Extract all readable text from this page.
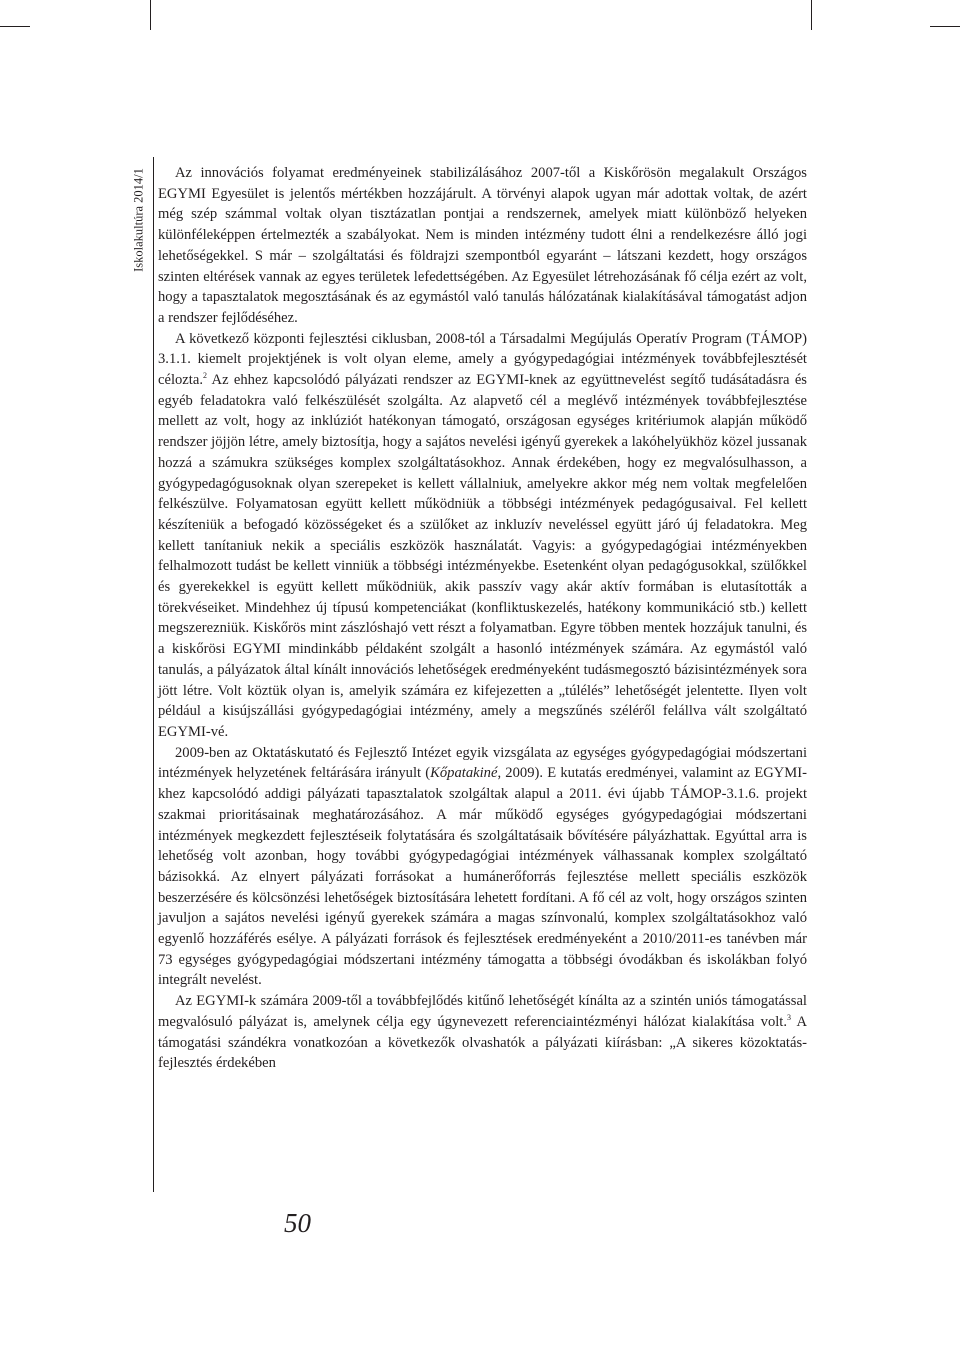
Iskolakultúra 2014/1	Az innovációs folyamat eredményeinek stabilizálásához 2007-től a Kiskőrösön megalakult Országos EGYMI Egyesület is jelentős mértékben hozzájárult. A törvényi alapok ugyan már adottak voltak, de azért még szép számmal voltak olyan tisztázatlan pontjai a rendszernek, amelyek miatt különböző helyeken különféleképpen értelmezték a szabályokat. Nem is minden intézmény tudott élni a rendelkezésre álló jogi lehetőségekkel. S már – szolgáltatási és földrajzi szempontból egyaránt – látszani kezdett, hogy országos szinten eltérések vannak az egyes területek lefedettségében. Az Egyesület létrehozásának fő célja ezért az volt, hogy a tapasztalatok megosztásának és az egymástól való tanulás hálózatának kialakításával támogatást adjon a rendszer fejlődéséhez.

A következő központi fejlesztési ciklusban, 2008-tól a Társadalmi Megújulás Operatív Program (TÁMOP) 3.1.1. kiemelt projektjének is volt olyan eleme, amely a gyógypedagógiai intézmények továbbfejlesztését célozta.$^2$ Az ehhez kapcsolódó pályázati rendszer az EGYMI-knek az együttnevelést segítő tudásátadásra és egyéb feladatokra való felkészülését szolgálta. Az alapvető cél a meglévő intézmények továbbfejlesztése mellett az volt, hogy az inklúziót hatékonyan támogató, országosan egységes kritériumok alapján működő rendszer jöjjön létre, amely biztosítja, hogy a sajátos nevelési igényű gyerekek a lakóhelyükhöz közel jussanak hozzá a számukra szükséges komplex szolgáltatásokhoz. Annak érdekében, hogy ez megvalósulhasson, a gyógypedagógusoknak olyan szerepeket is kellett vállalniuk, amelyekre akkor még nem voltak megfelelően felkészülve. Folyamatosan együtt kellett működniük a többségi intézmények pedagógusaival. Fel kellett készíteniük a befogadó közösségeket és a szülőket az inkluzív neveléssel együtt járó új feladatokra. Meg kellett tanítaniuk nekik a speciális eszközök használatát. Vagyis: a gyógypedagógiai intézményekben felhalmozott tudást be kellett vinniük a többségi intézményekbe. Esetenként olyan pedagógusokkal, szülőkkel és gyerekekkel is együtt kellett működniük, akik passzív vagy akár aktív formában is elutasították a törekvéseiket. Mindehhez új típusú kompetenciákat (konfliktuskezelés, hatékony kommunikáció stb.) kellett megszerezniük. Kiskőrös mint zászlóshajó vett részt a folyamatban. Egyre többen mentek hozzájuk tanulni, és a kiskőrösi EGYMI mindinkább példaként szolgált a hasonló intézmények számára. Az egymástól való tanulás, a pályázatok által kínált innovációs lehetőségek eredményeként tudásmegosztó bázisintézmények sora jött létre. Volt köztük olyan is, amelyik számára ez kifejezetten a „túlélés” lehetőségét jelentette. Ilyen volt például a kisújszállási gyógypedagógiai intézmény, amely a megszűnés széléről felállva vált szolgáltató EGYMI-vé.

2009-ben az Oktatáskutató és Fejlesztő Intézet egyik vizsgálata az egységes gyógypedagógiai módszertani intézmények helyzetének feltárására irányult (Kőpatakiné, 2009). E kutatás eredményei, valamint az EGYMI-khez kapcsolódó addigi pályázati tapasztalatok szolgáltak alapul a 2011. évi újabb TÁMOP-3.1.6. projekt szakmai prioritásainak meghatározásához. A már működő egységes gyógypedagógiai módszertani intézmények megkezdett fejlesztéseik folytatására és szolgáltatásaik bővítésére pályázhattak. Egyúttal arra is lehetőség volt azonban, hogy további gyógypedagógiai intézmények válhassanak komplex szolgáltató bázisokká. Az elnyert pályázati forrásokat a humánerőforrás fejlesztése mellett speciális eszközök beszerzésére és kölcsönzési lehetőségek biztosítására lehetett fordítani. A fő cél az volt, hogy országos szinten javuljon a sajátos nevelési igényű gyerekek számára a magas színvonalú, komplex szolgáltatásokhoz való egyenlő hozzáférés esélye. A pályázati források és fejlesztések eredményeként a 2010/2011-es tanévben már 73 egységes gyógypedagógiai módszertani intézmény támogatta a többségi óvodákban és iskolákban folyó integrált nevelést.

Az EGYMI-k számára 2009-től a továbbfejlődés kitűnő lehetőségét kínálta az a szintén uniós támogatással megvalósuló pályázat is, amelynek célja egy úgynevezett referenciaintézményi hálózat kialakítása volt.$^3$ A támogatási szándékra vonatkozóan a következők olvashatók a pályázati kiírásban: „A sikeres közoktatás-fejlesztés érdekében

50
